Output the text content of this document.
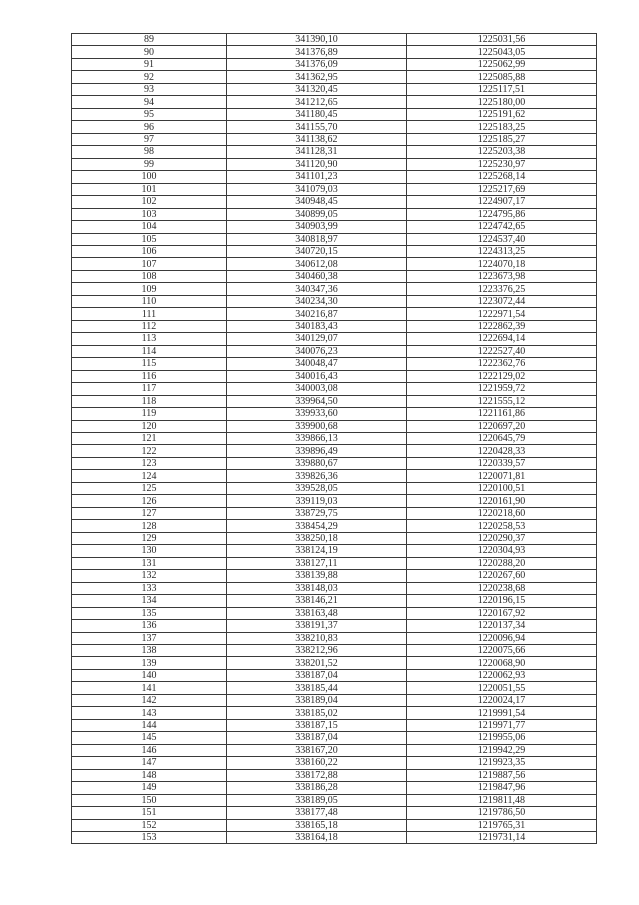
89	341390,10	1225031,56
90	341376,89	1225043,05
91	341376,09	1225062,99
92	341362,95	1225085,88
93	341320,45	1225117,51
94	341212,65	1225180,00
95	341180,45	1225191,62
96	341155,70	1225183,25
97	341138,62	1225185,27
98	341128,31	1225203,38
99	341120,90	1225230,97
100	341101,23	1225268,14
101	341079,03	1225217,69
102	340948,45	1224907,17
103	340899,05	1224795,86
104	340903,99	1224742,65
105	340818,97	1224537,40
106	340720,15	1224313,25
107	340612,08	1224070,18
108	340460,38	1223673,98
109	340347,36	1223376,25
110	340234,30	1223072,44
111	340216,87	1222971,54
112	340183,43	1222862,39
113	340129,07	1222694,14
114	340076,23	1222527,40
115	340048,47	1222362,76
116	340016,43	1222129,02
117	340003,08	1221959,72
118	339964,50	1221555,12
119	339933,60	1221161,86
120	339900,68	1220697,20
121	339866,13	1220645,79
122	339896,49	1220428,33
123	339880,67	1220339,57
124	339826,36	1220071,81
125	339528,05	1220100,51
126	339119,03	1220161,90
127	338729,75	1220218,60
128	338454,29	1220258,53
129	338250,18	1220290,37
130	338124,19	1220304,93
131	338127,11	1220288,20
132	338139,88	1220267,60
133	338148,03	1220238,68
134	338146,21	1220196,15
135	338163,48	1220167,92
136	338191,37	1220137,34
137	338210,83	1220096,94
138	338212,96	1220075,66
139	338201,52	1220068,90
140	338187,04	1220062,93
141	338185,44	1220051,55
142	338189,04	1220024,17
143	338185,02	1219991,54
144	338187,15	1219971,77
145	338187,04	1219955,06
146	338167,20	1219942,29
147	338160,22	1219923,35
148	338172,88	1219887,56
149	338186,28	1219847,96
150	338189,05	1219811,48
151	338177,48	1219786,50
152	338165,18	1219765,31
153	338164,18	1219731,14
